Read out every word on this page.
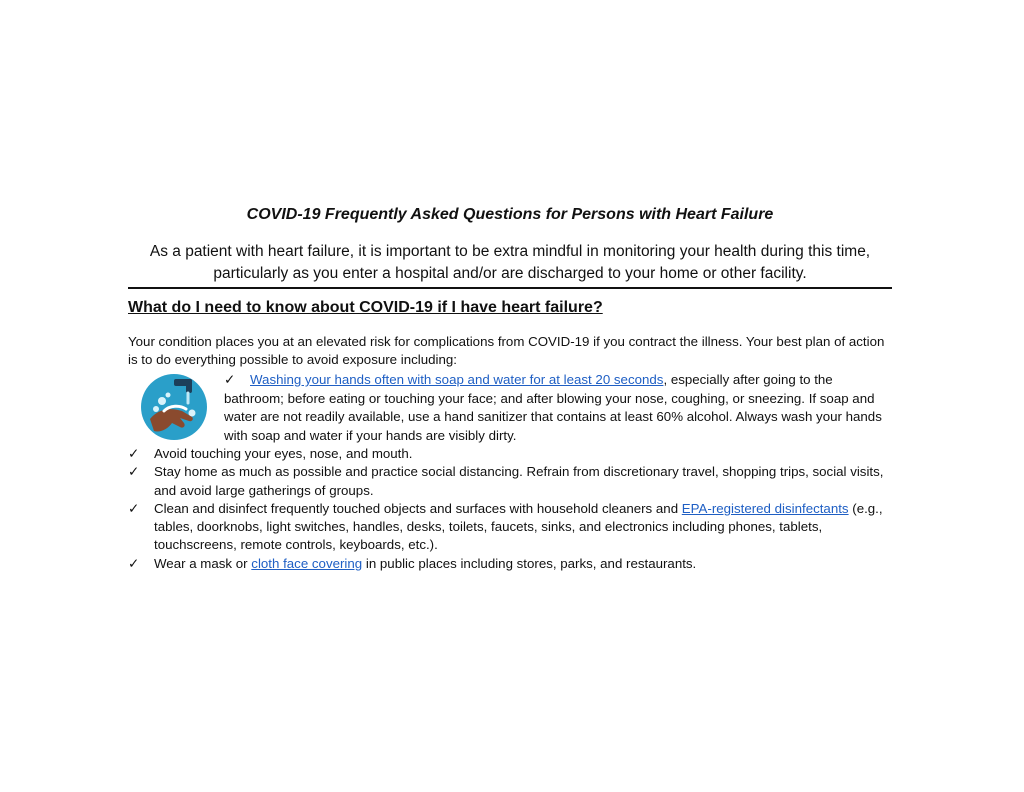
COVID-19 Frequently Asked Questions for Persons with Heart Failure
As a patient with heart failure, it is important to be extra mindful in monitoring your health during this time,
particularly as you enter a hospital and/or are discharged to your home or other facility.
What do I need to know about COVID-19 if I have heart failure?
Your condition places you at an elevated risk for complications from COVID-19 if you contract the illness. Your best plan of action is to do everything possible to avoid exposure including:
✓ Washing your hands often with soap and water for at least 20 seconds, especially after going to the bathroom; before eating or touching your face; and after blowing your nose, coughing, or sneezing. If soap and water are not readily available, use a hand sanitizer that contains at least 60% alcohol. Always wash your hands with soap and water if your hands are visibly dirty.
✓ Avoid touching your eyes, nose, and mouth.
✓ Stay home as much as possible and practice social distancing. Refrain from discretionary travel, shopping trips, social visits, and avoid large gatherings of groups.
✓ Clean and disinfect frequently touched objects and surfaces with household cleaners and EPA-registered disinfectants (e.g., tables, doorknobs, light switches, handles, desks, toilets, faucets, sinks, and electronics including phones, tablets, touchscreens, remote controls, keyboards, etc.).
✓ Wear a mask or cloth face covering in public places including stores, parks, and restaurants.
